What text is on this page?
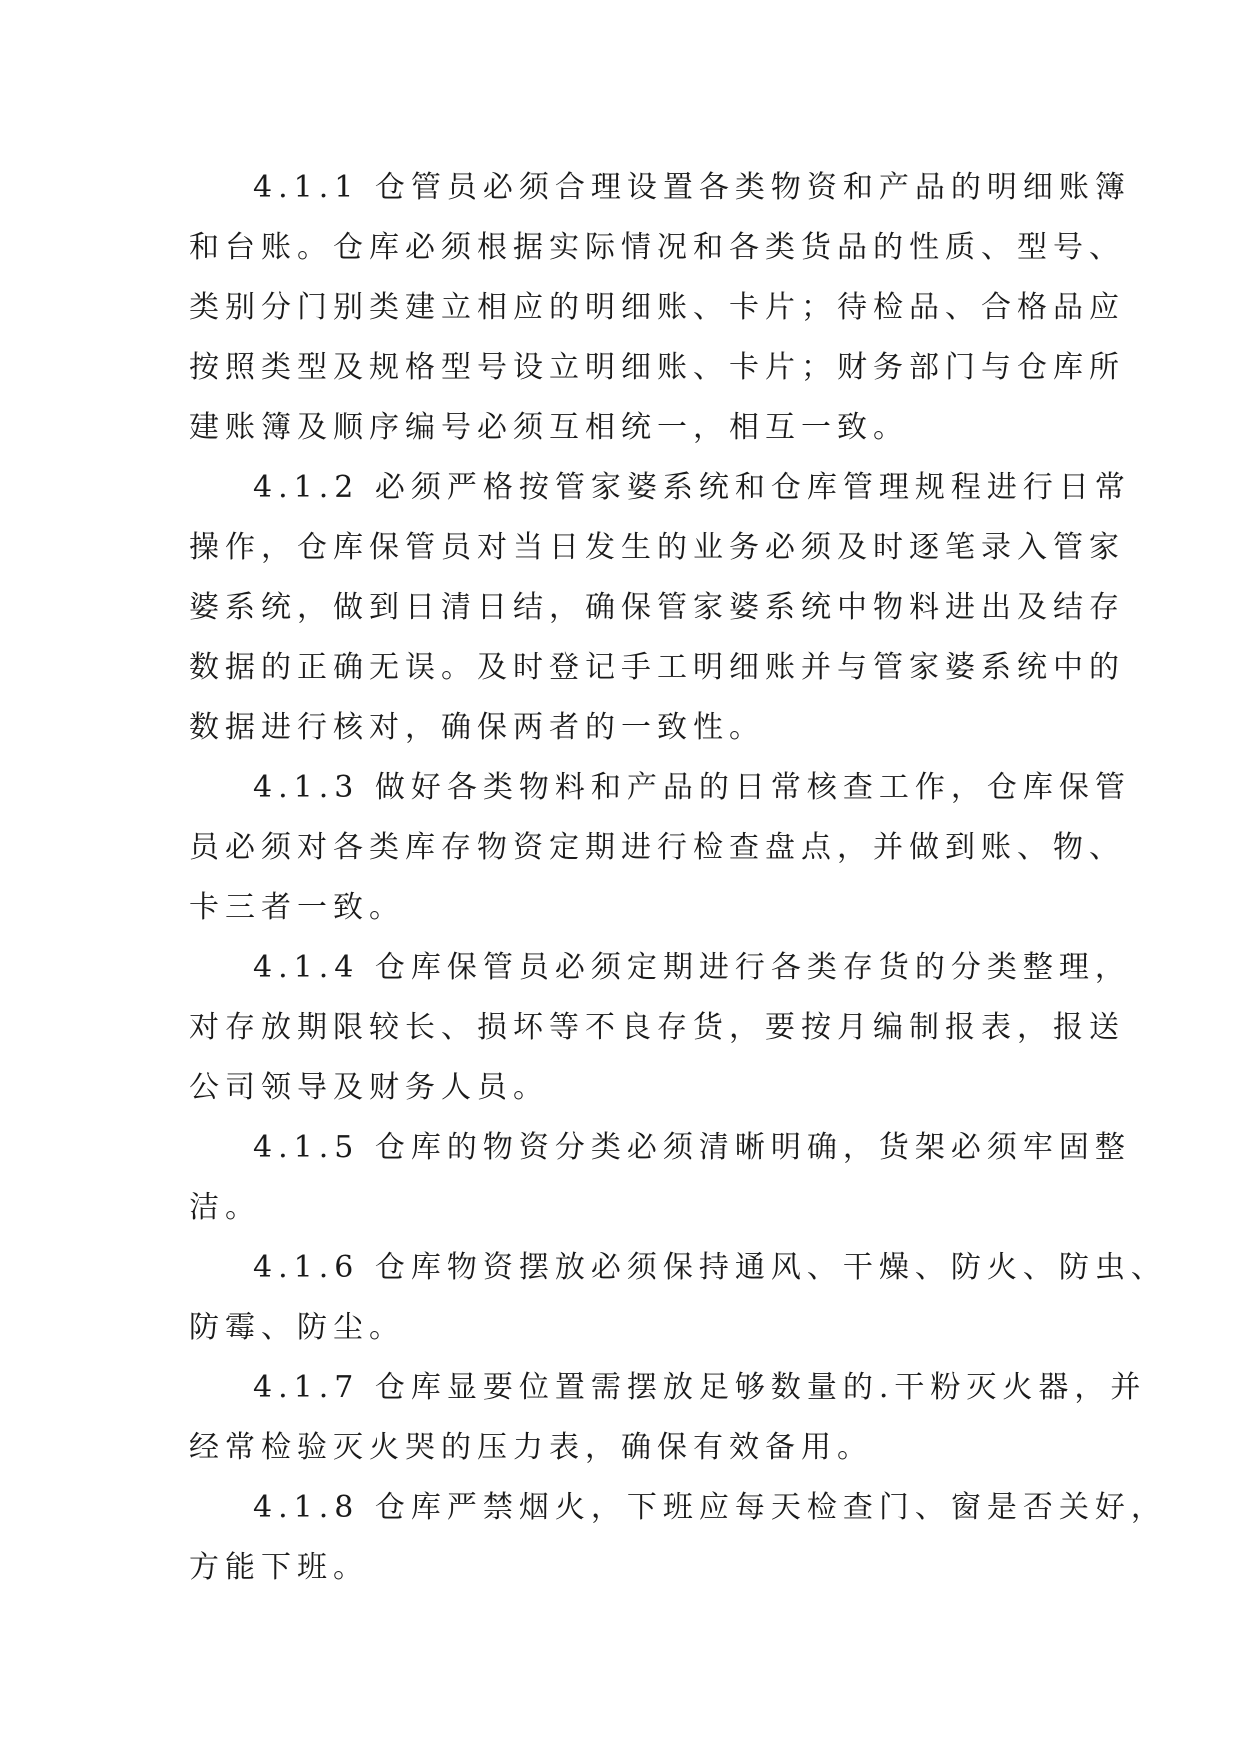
4.1.1 仓管员必须合理设置各类物资和产品的明细账簿
和台账。仓库必须根据实际情况和各类货品的性质、型号、
类别分门别类建立相应的明细账、卡片；待检品、合格品应
按照类型及规格型号设立明细账、卡片；财务部门与仓库所
建账簿及顺序编号必须互相统一，相互一致。

4.1.2 必须严格按管家婆系统和仓库管理规程进行日常
操作，仓库保管员对当日发生的业务必须及时逐笔录入管家
婆系统，做到日清日结，确保管家婆系统中物料进出及结存
数据的正确无误。及时登记手工明细账并与管家婆系统中的
数据进行核对，确保两者的一致性。

4.1.3 做好各类物料和产品的日常核查工作，仓库保管
员必须对各类库存物资定期进行检查盘点，并做到账、物、
卡三者一致。

4.1.4 仓库保管员必须定期进行各类存货的分类整理，
对存放期限较长、损坏等不良存货，要按月编制报表，报送
公司领导及财务人员。

4.1.5 仓库的物资分类必须清晰明确，货架必须牢固整
洁。

4.1.6 仓库物资摆放必须保持通风、干燥、防火、防虫、
防霉、防尘。

4.1.7 仓库显要位置需摆放足够数量的.干粉灭火器，并
经常检验灭火哭的压力表，确保有效备用。

4.1.8 仓库严禁烟火，下班应每天检查门、窗是否关好，
方能下班。
